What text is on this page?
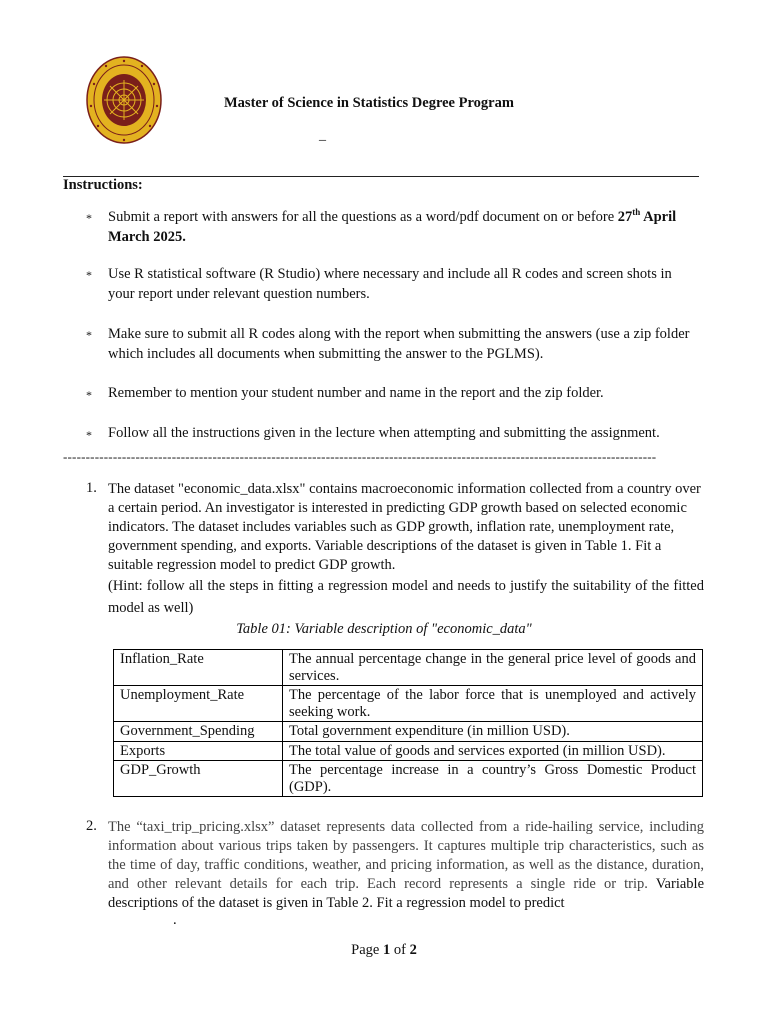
Master of Science in Statistics Degree Program
_
Instructions:
* Submit a report with answers for all the questions as a word/pdf document on or before 27th April March 2025.
* Use R statistical software (R Studio) where necessary and include all R codes and screen shots in your report under relevant question numbers.
* Make sure to submit all R codes along with the report when submitting the answers (use a zip folder which includes all documents when submitting the answer to the PGLMS).
* Remember to mention your student number and name in the report and the zip folder.
* Follow all the instructions given in the lecture when attempting and submitting the assignment.
-----------------------------------------------------------------------------------------------------------------------------------
1. The dataset "economic_data.xlsx" contains macroeconomic information collected from a country over a certain period. An investigator is interested in predicting GDP growth based on selected economic indicators. The dataset includes variables such as GDP growth, inflation rate, unemployment rate, government spending, and exports. Variable descriptions of the dataset is given in Table 1. Fit a suitable regression model to predict GDP growth.
(Hint: follow all the steps in fitting a regression model and needs to justify the suitability of the fitted model as well)
Table 01: Variable description of "economic_data"
Inflation_Rate	The annual percentage change in the general price level of goods and services.
Unemployment_Rate	The percentage of the labor force that is unemployed and actively seeking work.
Government_Spending	Total government expenditure (in million USD).
Exports	The total value of goods and services exported (in million USD).
GDP_Growth	The percentage increase in a country’s Gross Domestic Product (GDP).
2. The “taxi_trip_pricing.xlsx” dataset represents data collected from a ride-hailing service, including information about various trips taken by passengers. It captures multiple trip characteristics, such as the time of day, traffic conditions, weather, and pricing information, as well as the distance, duration, and other relevant details for each trip. Each record represents a single ride or trip. Variable descriptions of the dataset is given in Table 2. Fit a regression model to predict
.
Page 1 of 2
